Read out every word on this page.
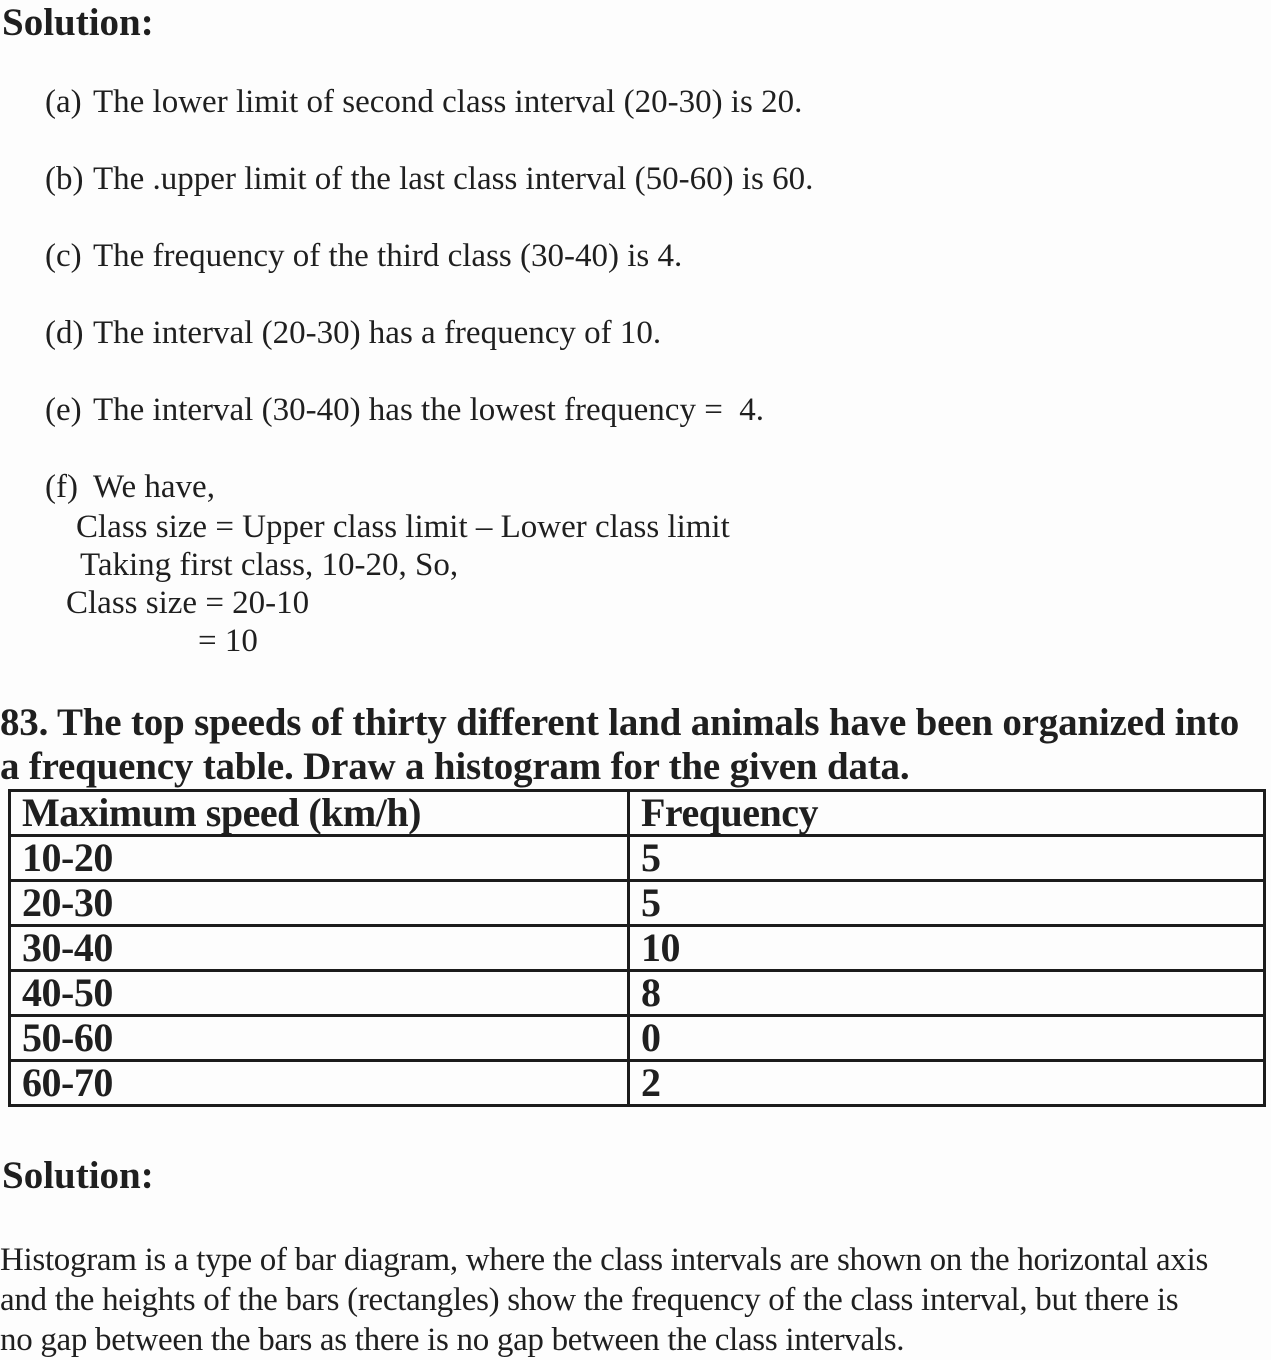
Solution:
(a) The lower limit of second class interval (20-30) is 20.
(b) The .upper limit of the last class interval (50-60) is 60.
(c) The frequency of the third class (30-40) is 4.
(d) The interval (20-30) has a frequency of 10.
(e) The interval (30-40) has the lowest frequency =  4.
(f) We have,
Class size = Upper class limit – Lower class limit
Taking first class, 10-20, So,
Class size = 20-10
= 10
83. The top speeds of thirty different land animals have been organized into
a frequency table. Draw a histogram for the given data.
Maximum speed (km/h)	Frequency
10-20	5
20-30	5
30-40	10
40-50	8
50-60	0
60-70	2
Solution:
Histogram is a type of bar diagram, where the class intervals are shown on the horizontal axis
and the heights of the bars (rectangles) show the frequency of the class interval, but there is
no gap between the bars as there is no gap between the class intervals.
